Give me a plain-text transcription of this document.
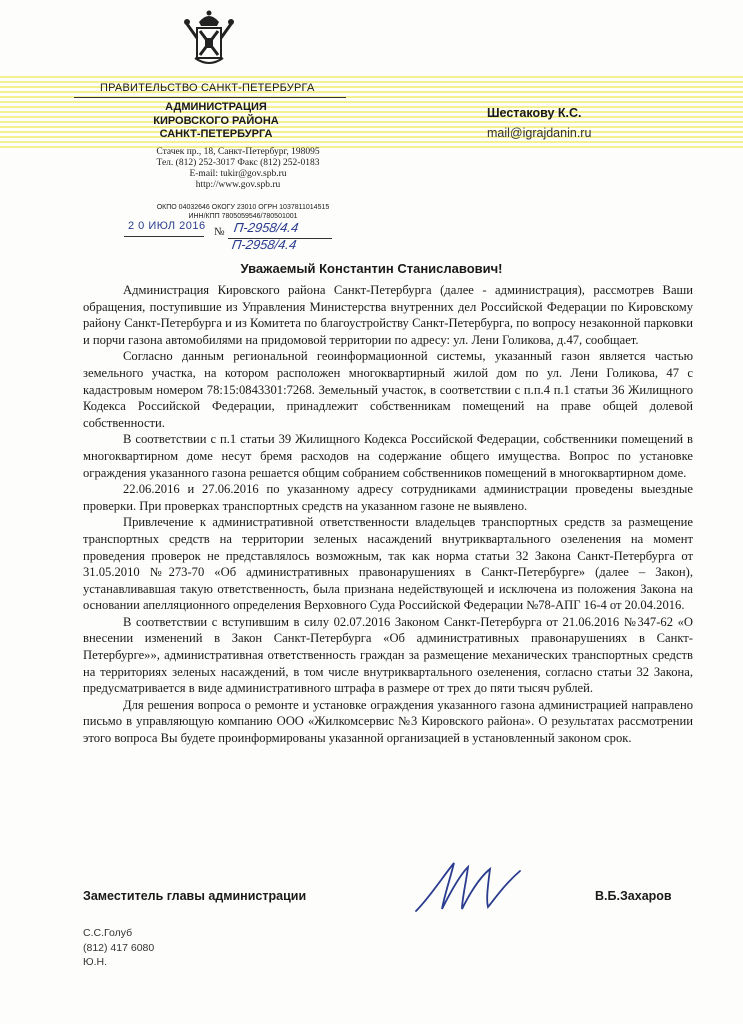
ПРАВИТЕЛЬСТВО САНКТ-ПЕТЕРБУРГА
АДМИНИСТРАЦИЯ
КИРОВСКОГО РАЙОНА
САНКТ-ПЕТЕРБУРГА
Стачек пр., 18, Санкт-Петербург, 198095
Тел. (812) 252-3017 Факс (812) 252-0183
E-mail: tukir@gov.spb.ru
http://www.gov.spb.ru
ОКПО 04032646 ОКОГУ 23010 ОГРН 1037811014515
ИНН/КПП 7805059546/780501001
2 0 ИЮЛ 2016 № П-2958/4.4
П-2958/4.4
Шестакову К.С.
mail@igrajdanin.ru
Уважаемый Константин Станиславович!

Администрация Кировского района Санкт-Петербурга (далее - администрация), рассмотрев Ваши обращения, поступившие из Управления Министерства внутренних дел Российской Федерации по Кировскому району Санкт-Петербурга и из Комитета по благоустройству Санкт-Петербурга, по вопросу незаконной парковки и порчи газона автомобилями на придомовой территории по адресу: ул. Лени Голикова, д.47, сообщает.

Согласно данным региональной геоинформационной системы, указанный газон является частью земельного участка, на котором расположен многоквартирный жилой дом по ул. Лени Голикова, 47 с кадастровым номером 78:15:0843301:7268. Земельный участок, в соответствии с п.п.4 п.1 статьи 36 Жилищного Кодекса Российской Федерации, принадлежит собственникам помещений на праве общей долевой собственности.

В соответствии с п.1 статьи 39 Жилищного Кодекса Российской Федерации, собственники помещений в многоквартирном доме несут бремя расходов на содержание общего имущества. Вопрос по установке ограждения указанного газона решается общим собранием собственников помещений в многоквартирном доме.

22.06.2016 и 27.06.2016 по указанному адресу сотрудниками администрации проведены выездные проверки. При проверках транспортных средств на указанном газоне не выявлено.

Привлечение к административной ответственности владельцев транспортных средств за размещение транспортных средств на территории зеленых насаждений внутриквартального озеленения на момент проведения проверок не представлялось возможным, так как норма статьи 32 Закона Санкт-Петербурга от 31.05.2010 №273-70 «Об административных правонарушениях в Санкт-Петербурге» (далее – Закон), устанавливавшая такую ответственность, была признана недействующей и исключена из положения Закона на основании апелляционного определения Верховного Суда Российской Федерации №78-АПГ 16-4 от 20.04.2016.

В соответствии с вступившим в силу 02.07.2016 Законом Санкт-Петербурга от 21.06.2016 №347-62 «О внесении изменений в Закон Санкт-Петербурга «Об административных правонарушениях в Санкт-Петербурге»», административная ответственность граждан за размещение механических транспортных средств на территориях зеленых насаждений, в том числе внутриквартального озеленения, согласно статьи 32 Закона, предусматривается в виде административного штрафа в размере от трех до пяти тысяч рублей.

Для решения вопроса о ремонте и установке ограждения указанного газона администрацией направлено письмо в управляющую компанию ООО «Жилкомсервис №3 Кировского района». О результатах рассмотрении этого вопроса Вы будете проинформированы указанной организацией в установленный законом срок.

Заместитель главы администрации	В.Б.Захаров
С.С.Голуб
(812) 417 6080
Ю.Н.
